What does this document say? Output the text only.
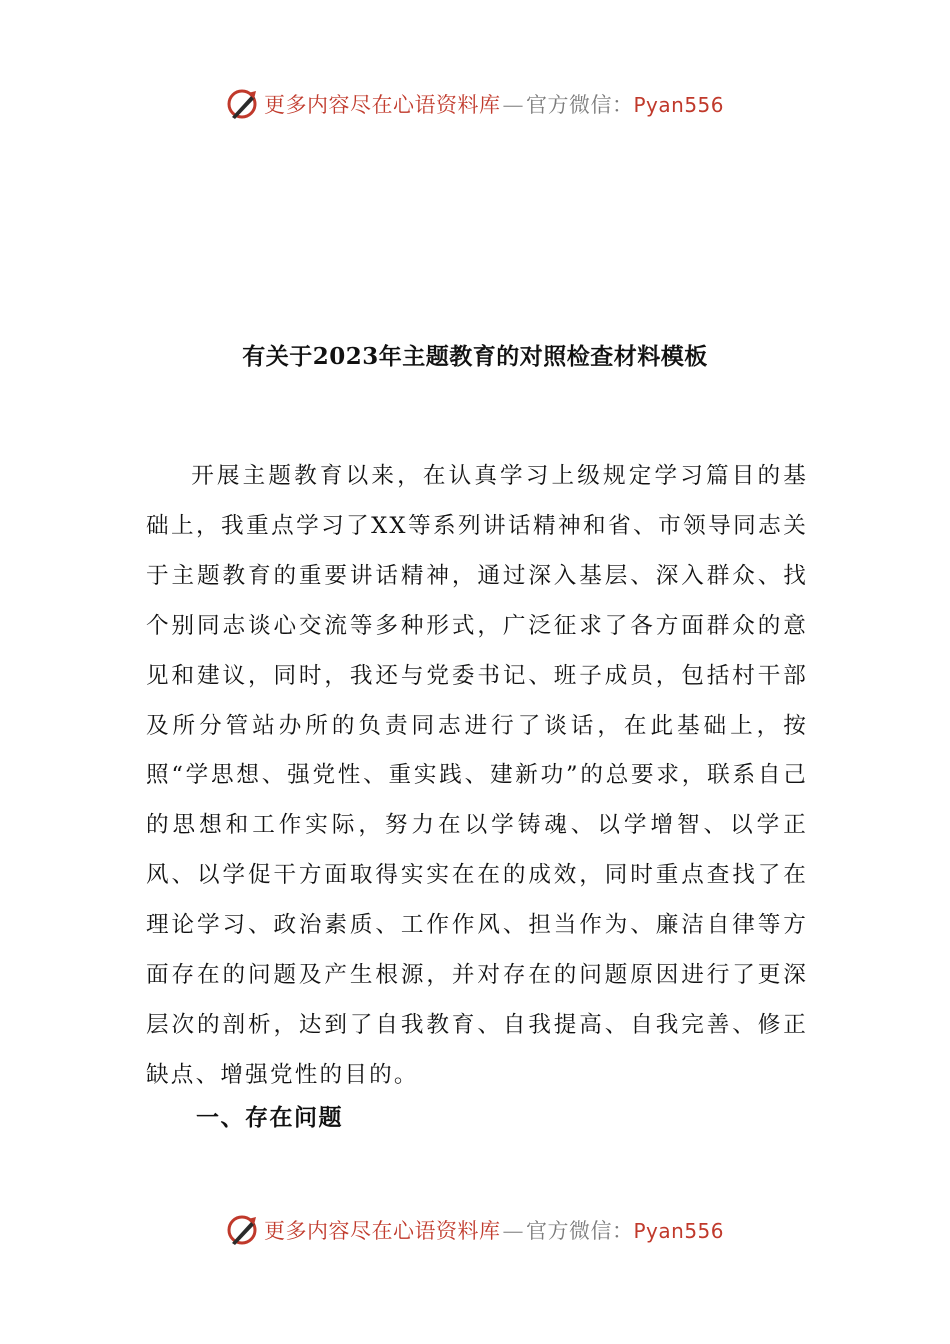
更多内容尽在心语资料库—官方微信：Pyan556
有关于2023年主题教育的对照检查材料模板

开展主题教育以来，在认真学习上级规定学习篇目的基础上，我重点学习了XX等系列讲话精神和省、市领导同志关于主题教育的重要讲话精神，通过深入基层、深入群众、找个别同志谈心交流等多种形式，广泛征求了各方面群众的意见和建议，同时，我还与党委书记、班子成员，包括村干部及所分管站办所的负责同志进行了谈话，在此基础上，按照“学思想、强党性、重实践、建新功”的总要求，联系自己的思想和工作实际，努力在以学铸魂、以学增智、以学正风、以学促干方面取得实实在在的成效，同时重点查找了在理论学习、政治素质、工作作风、担当作为、廉洁自律等方面存在的问题及产生根源，并对存在的问题原因进行了更深层次的剖析，达到了自我教育、自我提高、自我完善、修正缺点、增强党性的目的。

一、存在问题
更多内容尽在心语资料库—官方微信：Pyan556
